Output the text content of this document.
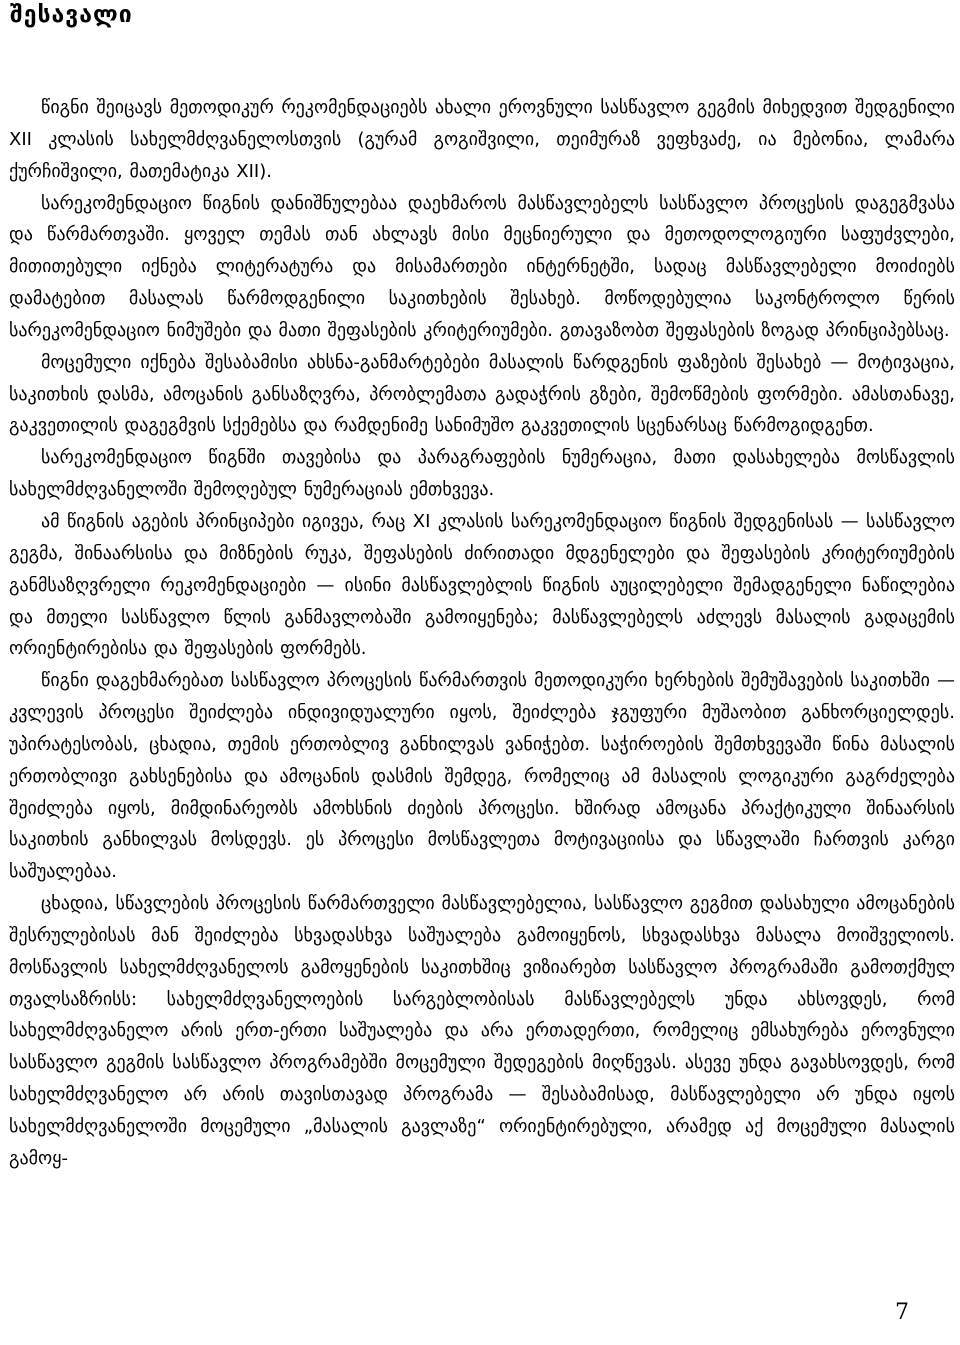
შესავალი

წიგნი შეიცავს მეთოდიკურ რეკომენდაციებს ახალი ეროვნული სასწავლო გეგმის მიხედვით შედგენილი XII კლასის სახელმძღვანელოსთვის (გურამ გოგიშვილი, თეიმურაზ ვეფხვაძე, ია მებონია, ლამარა ქურჩიშვილი, მათემატიკა XII).

სარეკომენდაციო წიგნის დანიშნულებაა დაეხმაროს მასწავლებელს სასწავლო პროცესის დაგეგმვასა და წარმართვაში. ყოველ თემას თან ახლავს მისი მეცნიერული და მეთოდოლოგიური საფუძვლები, მითითებული იქნება ლიტერატურა და მისამართები ინტერნეტში, სადაც მასწავლებელი მოიძიებს დამატებით მასალას წარმოდგენილი საკითხების შესახებ. მოწოდებულია საკონტროლო წერის სარეკომენდაციო ნიმუშები და მათი შეფასების კრიტერიუმები. გთავაზობთ შეფასების ზოგად პრინციპებსაც.

მოცემული იქნება შესაბამისი ახსნა-განმარტებები მასალის წარდგენის ფაზების შესახებ — მოტივაცია, საკითხის დასმა, ამოცანის განსაზღვრა, პრობლემათა გადაჭრის გზები, შემოწმების ფორმები. ამასთანავე, გაკვეთილის დაგეგმვის სქემებსა და რამდენიმე სანიმუშო გაკვეთილის სცენარსაც წარმოგიდგენთ.

სარეკომენდაციო წიგნში თავებისა და პარაგრაფების ნუმერაცია, მათი დასახელება მოსწავლის სახელმძღვანელოში შემოღებულ ნუმერაციას ემთხვევა.

ამ წიგნის აგების პრინციპები იგივეა, რაც XI კლასის სარეკომენდაციო წიგნის შედგენისას — სასწავლო გეგმა, შინაარსისა და მიზნების რუკა, შეფასების ძირითადი მდგენელები და შეფასების კრიტერიუმების განმსაზღვრელი რეკომენდაციები — ისინი მასწავლებლის წიგნის აუცილებელი შემადგენელი ნაწილებია და მთელი სასწავლო წლის განმავლობაში გამოიყენება; მასწავლებელს აძლევს მასალის გადაცემის ორიენტირებისა და შეფასების ფორმებს.

წიგნი დაგეხმარებათ სასწავლო პროცესის წარმართვის მეთოდიკური ხერხების შემუშავების საკითხში — კვლევის პროცესი შეიძლება ინდივიდუალური იყოს, შეიძლება ჯგუფური მუშაობით განხორციელდეს. უპირატესობას, ცხადია, თემის ერთობლივ განხილვას ვანიჭებთ. საჭიროების შემთხვევაში წინა მასალის ერთობლივი გახსენებისა და ამოცანის დასმის შემდეგ, რომელიც ამ მასალის ლოგიკური გაგრძელება შეიძლება იყოს, მიმდინარეობს ამოხსნის ძიების პროცესი. ხშირად ამოცანა პრაქტიკული შინაარსის საკითხის განხილვას მოსდევს. ეს პროცესი მოსწავლეთა მოტივაციისა და სწავლაში ჩართვის კარგი საშუალებაა.

ცხადია, სწავლების პროცესის წარმართველი მასწავლებელია, სასწავლო გეგმით დასახული ამოცანების შესრულებისას მან შეიძლება სხვადასხვა საშუალება გამოიყენოს, სხვადასხვა მასალა მოიშველიოს. მოსწავლის სახელმძღვანელოს გამოყენების საკითხშიც ვიზიარებთ სასწავლო პროგრამაში გამოთქმულ თვალსაზრისს: სახელმძღვანელოების სარგებლობისას მასწავლებელს უნდა ახსოვდეს, რომ სახელმძღვანელო არის ერთ-ერთი საშუალება და არა ერთადერთი, რომელიც ემსახურება ეროვნული სასწავლო გეგმის სასწავლო პროგრამებში მოცემული შედეგების მიღწევას. ასევე უნდა გავახსოვდეს, რომ სახელმძღვანელო არ არის თავისთავად პროგრამა — შესაბამისად, მასწავლებელი არ უნდა იყოს სახელმძღვანელოში მოცემული „მასალის გავლაზე“ ორიენტირებული, არამედ აქ მოცემული მასალის გამოყ-

7
